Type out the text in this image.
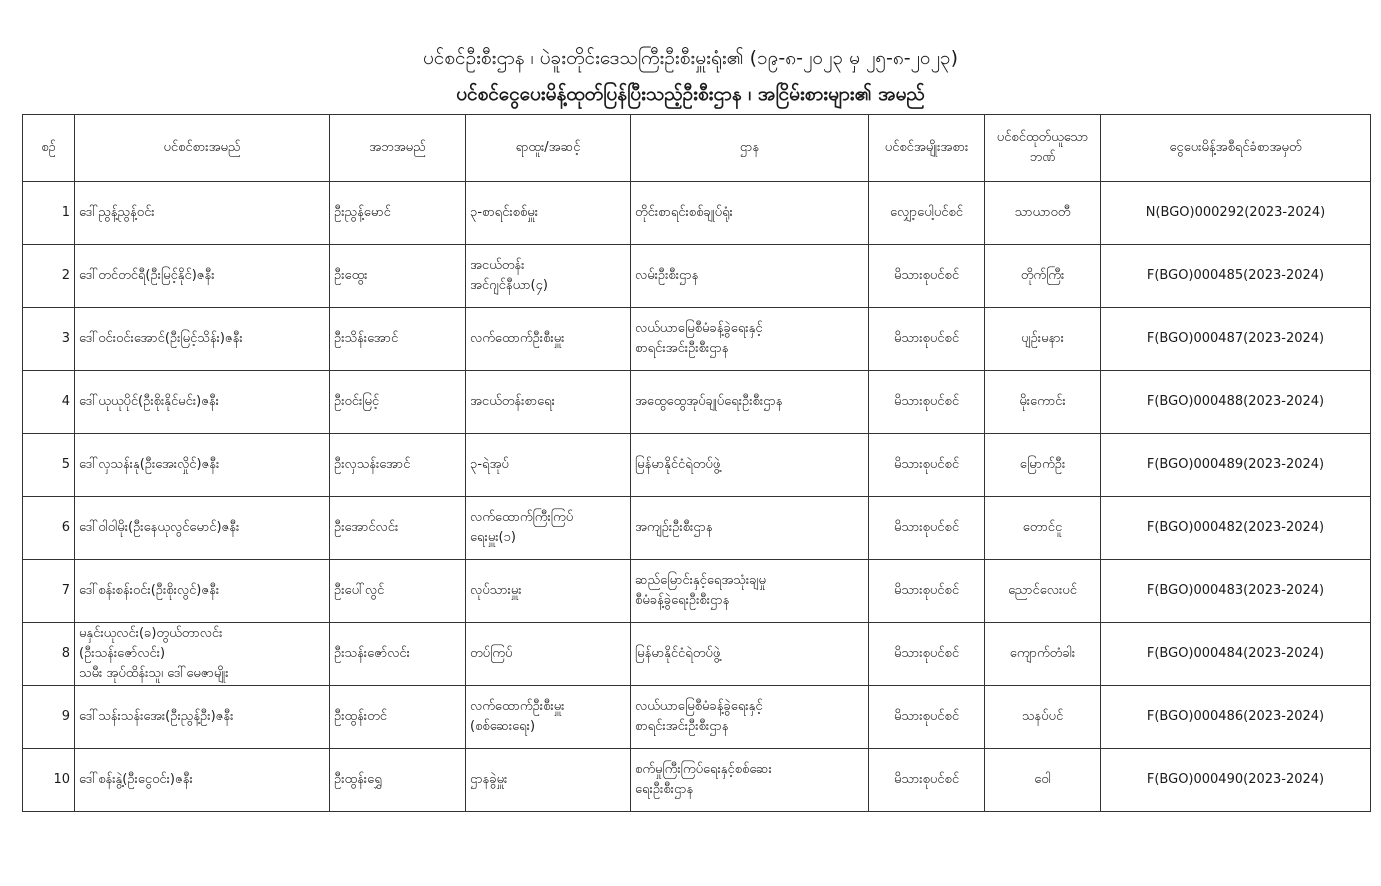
ပင်စင်ဦးစီးဌာန ၊ ပဲခူးတိုင်းဒေသကြီးဦးစီးမှူးရုံး၏ (၁၉-၈-၂၀၂၃ မှ ၂၅-၈-၂၀၂၃)
ပင်စင်ငွေပေးမိန့်ထုတ်ပြန်ပြီးသည့်ဦးစီးဌာန ၊ အငြိမ်းစားများ၏ အမည်
စဉ်	ပင်စင်စားအမည်	အဘအမည်	ရာထူး/အဆင့်	ဌာန	ပင်စင်အမျိုးအစား	ပင်စင်ထုတ်ယူသောဘဏ်	ငွေပေးမိန့်အစီရင်ခံစာအမှတ်
1	ဒေါ်ညွန့်ညွန့်ဝင်း	ဦးညွန့်မောင်	၃-စာရင်းစစ်မှူး	တိုင်းစာရင်းစစ်ချုပ်ရုံး	လျှော့ပေါ့ပင်စင်	သာယာဝတီ	N(BGO)000292(2023-2024)
2	ဒေါ်တင်တင်ရီ(ဦးမြင့်နိုင်)ဇနီး	ဦးထွေး	အငယ်တန်း
အင်ဂျင်နီယာ(၄)	လမ်းဦးစီးဌာန	မိသားစုပင်စင်	တိုက်ကြီး	F(BGO)000485(2023-2024)
3	ဒေါ်ဝင်းဝင်းအောင်(ဦးမြင့်သိန်း)ဇနီး	ဦးသိန်းအောင်	လက်ထောက်ဦးစီးမှူး	လယ်ယာမြေစီမံခန့်ခွဲရေးနှင့်
စာရင်းအင်းဦးစီးဌာန	မိသားစုပင်စင်	ပျဉ်းမနား	F(BGO)000487(2023-2024)
4	ဒေါ်ယုယုပိုင်(ဦးစိုးနိုင်မင်း)ဇနီး	ဦးဝင်းမြင့်	အငယ်တန်းစာရေး	အထွေထွေအုပ်ချုပ်ရေးဦးစီးဌာန	မိသားစုပင်စင်	မိုးကောင်း	F(BGO)000488(2023-2024)
5	ဒေါ်လှသန်းနု(ဦးအေးလှိုင်)ဇနီး	ဦးလှသန်းအောင်	၃-ရဲအုပ်	မြန်မာနိုင်ငံရဲတပ်ဖွဲ့	မိသားစုပင်စင်	မြောက်ဦး	F(BGO)000489(2023-2024)
6	ဒေါ်ဝါဝါမိုး(ဦးနေယုလွင်မောင်)ဇနီး	ဦးအောင်လင်း	လက်ထောက်ကြီးကြပ်
ရေးမှူး(၁)	အကျဉ်းဦးစီးဌာန	မိသားစုပင်စင်	တောင်ငူ	F(BGO)000482(2023-2024)
7	ဒေါ်စန်းစန်းဝင်း(ဦးစိုးလွင်)ဇနီး	ဦးပေါ်လွင်	လုပ်သားမှူး	ဆည်မြောင်းနှင့်ရေအသုံးချမှု
စီမံခန့်ခွဲရေးဦးစီးဌာန	မိသားစုပင်စင်	ညောင်လေးပင်	F(BGO)000483(2023-2024)
8	မနှင်းယုလင်း(ခ)တွယ်တာလင်း
(ဦးသန်းဇော်လင်း)
သမီး အုပ်ထိန်းသူ၊ ဒေါ်မေဇာမျိုး	ဦးသန်းဇော်လင်း	တပ်ကြပ်	မြန်မာနိုင်ငံရဲတပ်ဖွဲ့	မိသားစုပင်စင်	ကျောက်တံခါး	F(BGO)000484(2023-2024)
9	ဒေါ်သန်းသန်းအေး(ဦးညွန့်ဦး)ဇနီး	ဦးထွန်းတင်	လက်ထောက်ဦးစီးမှူး
(စစ်ဆေးရေး)	လယ်ယာမြေစီမံခန့်ခွဲရေးနှင့်
စာရင်းအင်းဦးစီးဌာန	မိသားစုပင်စင်	သနပ်ပင်	F(BGO)000486(2023-2024)
10	ဒေါ်စန်းနွဲ့(ဦးငွေဝင်း)ဇနီး	ဦးထွန်းရွှေ	ဌာနခွဲမှူး	စက်မှုကြီးကြပ်ရေးနှင့်စစ်ဆေး
ရေးဦးစီးဌာန	မိသားစုပင်စင်	ဝေါ	F(BGO)000490(2023-2024)
